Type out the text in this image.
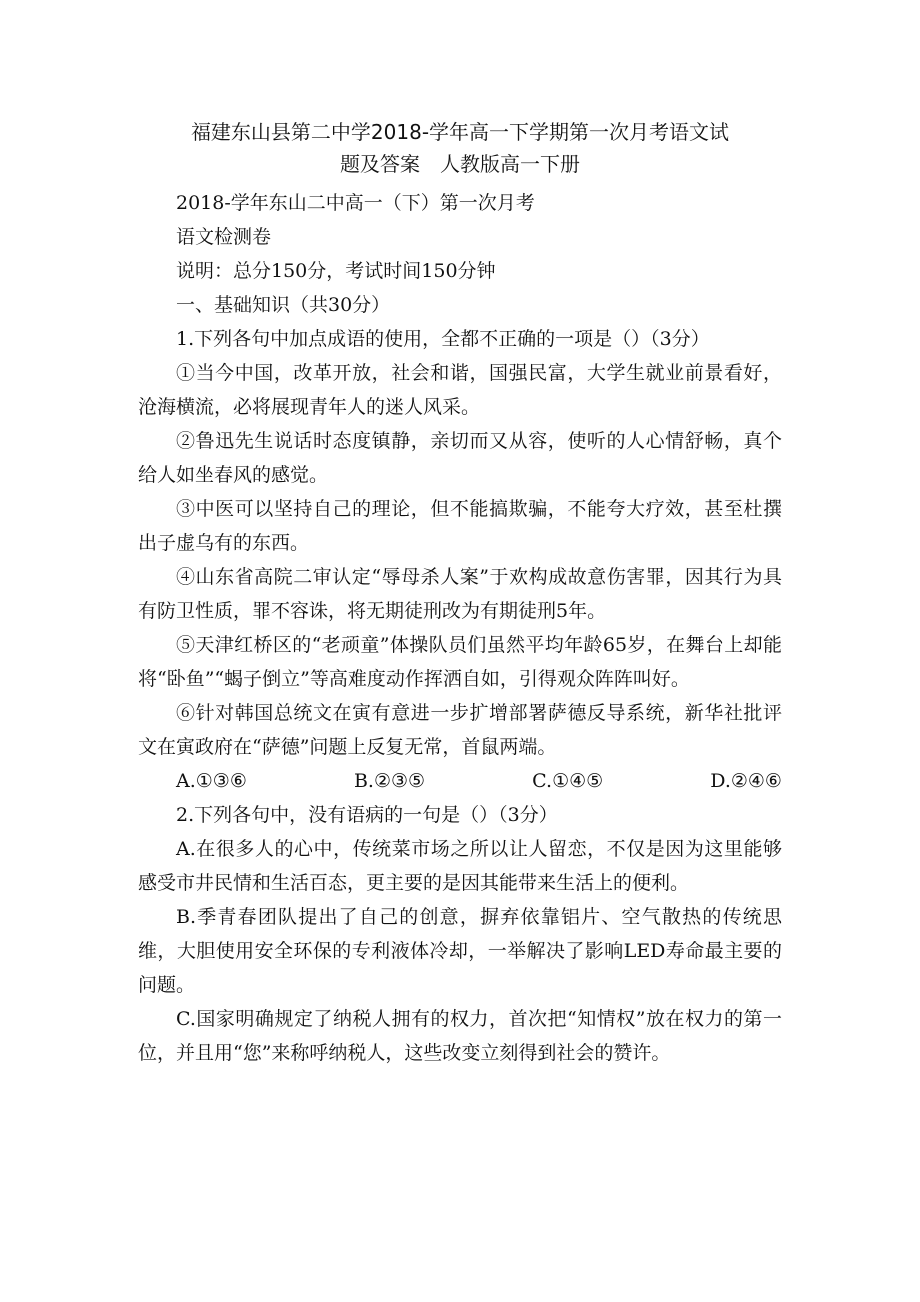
福建东山县第二中学2018-学年高一下学期第一次月考语文试
题及答案　人教版高一下册

2018-学年东山二中高一（下）第一次月考

语文检测卷

说明：总分150分，考试时间150分钟

一、基础知识（共30分）

1.下列各句中加点成语的使用，全都不正确的一项是（）（3分）

①当今中国，改革开放，社会和谐，国强民富，大学生就业前景看好，沧海横流，必将展现青年人的迷人风采。

②鲁迅先生说话时态度镇静，亲切而又从容，使听的人心情舒畅，真个给人如坐春风的感觉。

③中医可以坚持自己的理论，但不能搞欺骗，不能夸大疗效，甚至杜撰出子虚乌有的东西。

④山东省高院二审认定“辱母杀人案”于欢构成故意伤害罪，因其行为具有防卫性质，罪不容诛，将无期徒刑改为有期徒刑5年。

⑤天津红桥区的“老顽童”体操队员们虽然平均年龄65岁，在舞台上却能将“卧鱼”“蝎子倒立”等高难度动作挥洒自如，引得观众阵阵叫好。

⑥针对韩国总统文在寅有意进一步扩增部署萨德反导系统，新华社批评文在寅政府在“萨德”问题上反复无常，首鼠两端。

A.①③⑥	B.②③⑤	C.①④⑤	D.②④⑥

2.下列各句中，没有语病的一句是（）（3分）

A.在很多人的心中，传统菜市场之所以让人留恋，不仅是因为这里能够感受市井民情和生活百态，更主要的是因其能带来生活上的便利。

B.季青春团队提出了自己的创意，摒弃依靠铝片、空气散热的传统思维，大胆使用安全环保的专利液体冷却，一举解决了影响LED寿命最主要的问题。

C.国家明确规定了纳税人拥有的权力，首次把“知情权”放在权力的第一位，并且用“您”来称呼纳税人，这些改变立刻得到社会的赞许。
